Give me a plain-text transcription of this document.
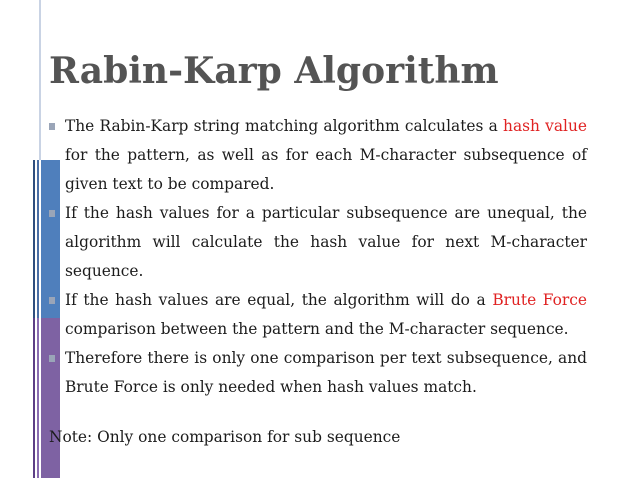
Rabin-Karp Algorithm
The Rabin-Karp string matching algorithm calculates a hash value for the pattern, as well as for each M-character subsequence of given text to be compared.
If the hash values for a particular subsequence are unequal, the algorithm will calculate the hash value for next M-character sequence.
If the hash values are equal, the algorithm will do a Brute Force comparison between the pattern and the M-character sequence.
Therefore there is only one comparison per text subsequence, and Brute Force is only needed when hash values match.

Note: Only one comparison for sub sequence
